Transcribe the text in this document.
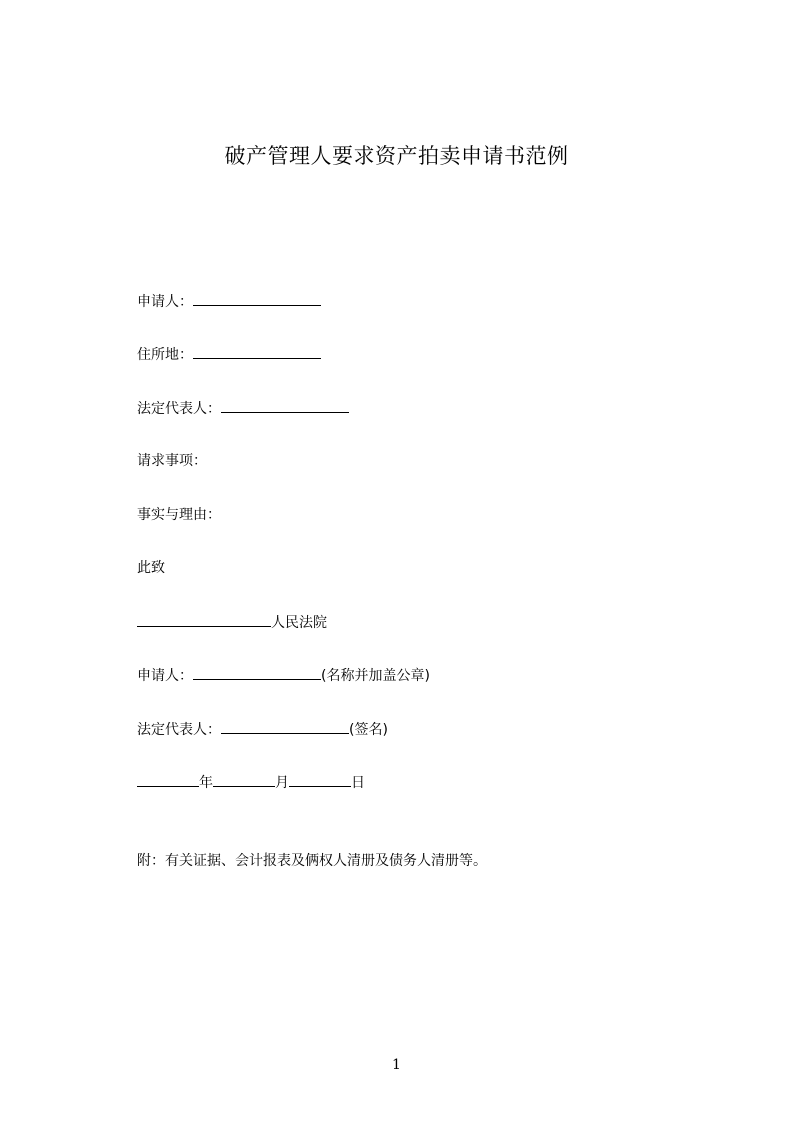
破产管理人要求资产拍卖申请书范例
申请人：
住所地：
法定代表人：
请求事项：
事实与理由：
此致
人民法院
申请人：	(名称并加盖公章)
法定代表人：	(签名)
年	月	日
附：有关证据、会计报表及俩权人清册及债务人清册等。
1
